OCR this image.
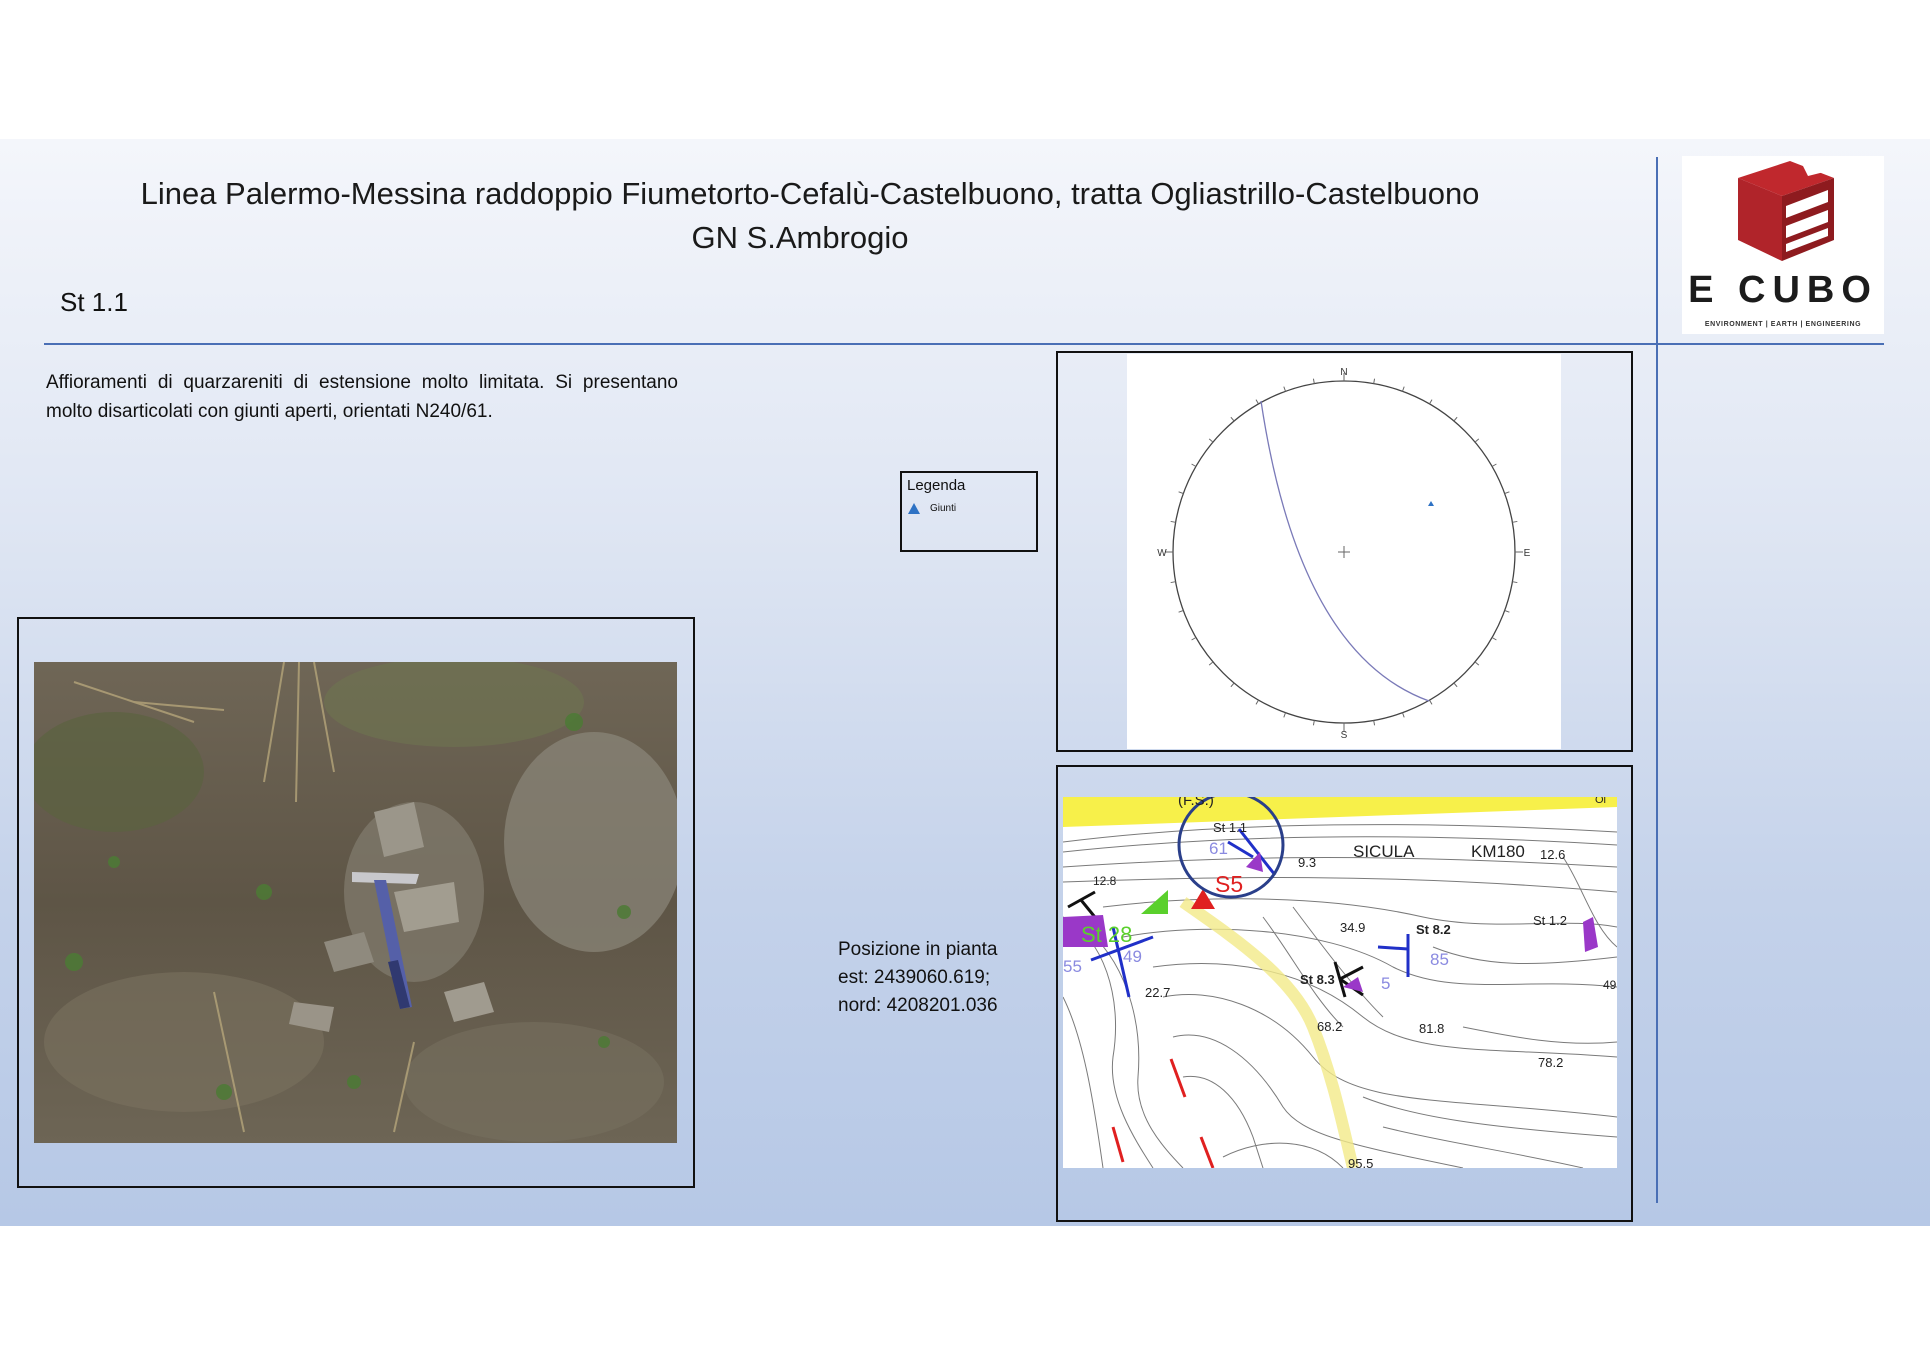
Linea Palermo-Messina raddoppio Fiumetorto-Cefalù-Castelbuono, tratta Ogliastrillo-Castelbuono
GN S.Ambrogio
St 1.1	E CUBO
ENVIRONMENT | EARTH | ENGINEERING
Affioramenti di quarzareniti di estensione molto limitata. Si presentano molto disarticolati con giunti aperti, orientati N240/61.
Legenda
Giunti
N
S
E
W
Posizione in pianta
est: 2439060.619;
nord: 4208201.036
(F.S.)	Ol
St 1.1
61
S5
9.3
SICULA	KM180 12.6
12.8
St 28
55
49
22.7
34.9	St 8.2
85
St 1.2
49
St 8.3	5
68.2	81.8
78.2
95.5
